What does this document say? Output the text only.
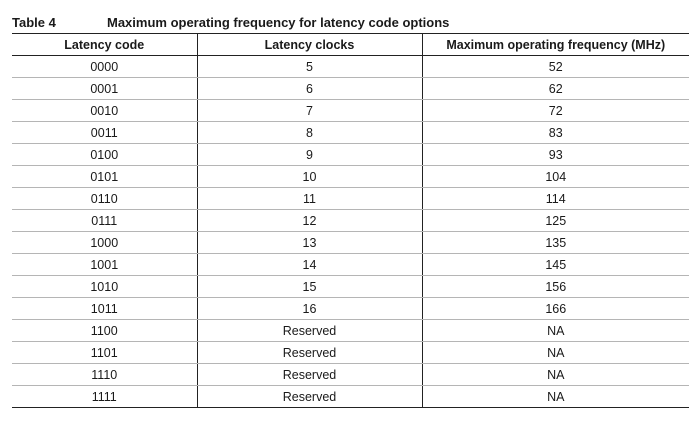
Table 4	Maximum operating frequency for latency code options
Latency code	Latency clocks	Maximum operating frequency (MHz)
0000	5	52
0001	6	62
0010	7	72
0011	8	83
0100	9	93
0101	10	104
0110	11	114
0111	12	125
1000	13	135
1001	14	145
1010	15	156
1011	16	166
1100	Reserved	NA
1101	Reserved	NA
1110	Reserved	NA
1111	Reserved	NA
